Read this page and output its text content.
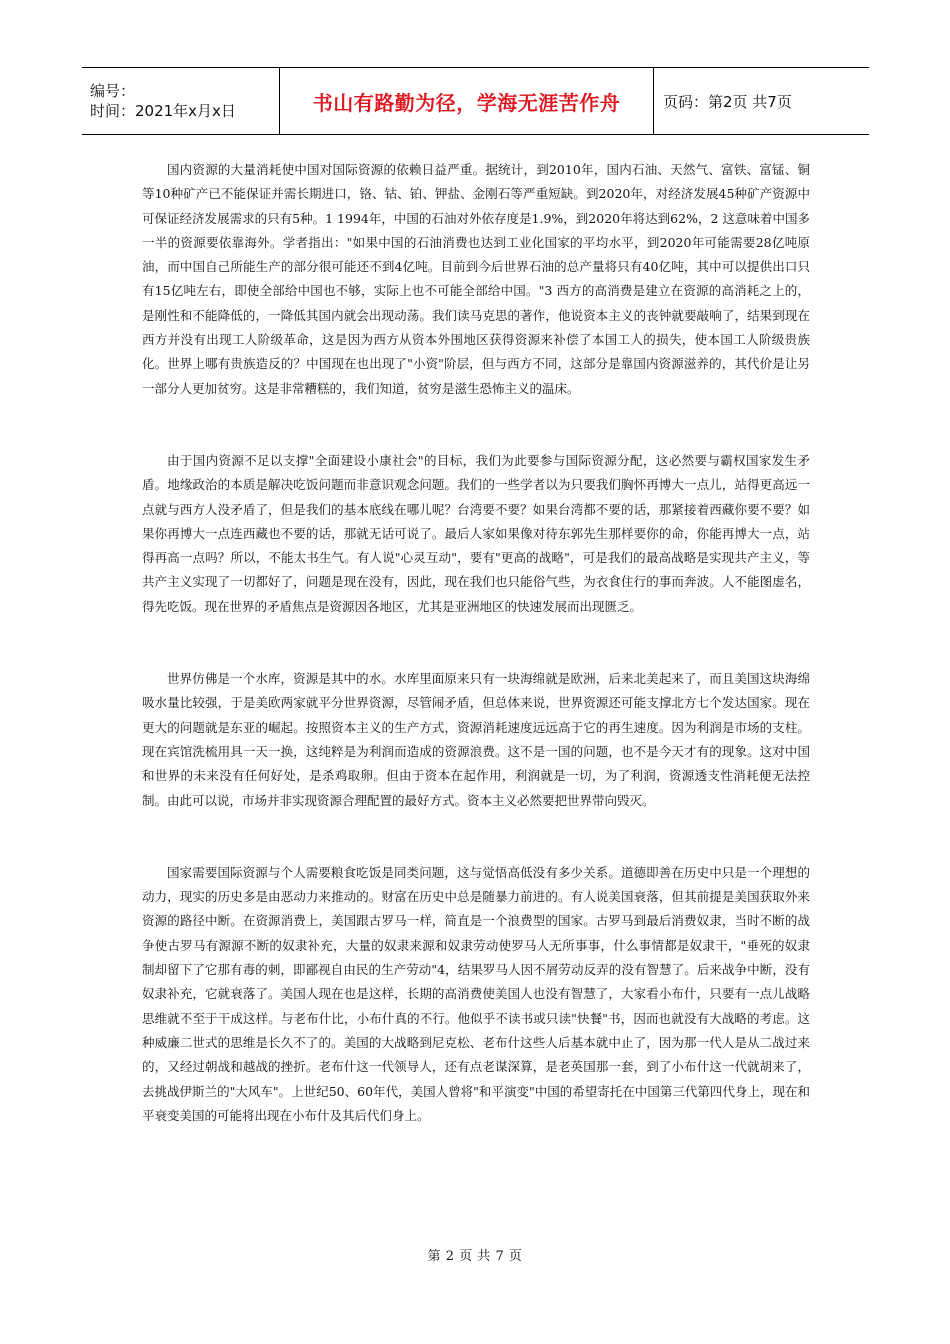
编号：
时间：2021年x月x日	书山有路勤为径，学海无涯苦作舟	页码：第2页 共7页

国内资源的大量消耗使中国对国际资源的依赖日益严重。据统计，到2010年，国内石油、天然气、富铁、富锰、铜等10种矿产已不能保证并需长期进口，铬、钴、铂、钾盐、金刚石等严重短缺。到2020年，对经济发展45种矿产资源中可保证经济发展需求的只有5种。1 1994年，中国的石油对外依存度是1.9%，到2020年将达到62%，2 这意味着中国多一半的资源要依靠海外。学者指出："如果中国的石油消费也达到工业化国家的平均水平，到2020年可能需要28亿吨原油，而中国自己所能生产的部分很可能还不到4亿吨。目前到今后世界石油的总产量将只有40亿吨，其中可以提供出口只有15亿吨左右，即使全部给中国也不够，实际上也不可能全部给中国。"3 西方的高消费是建立在资源的高消耗之上的，是刚性和不能降低的，一降低其国内就会出现动荡。我们读马克思的著作，他说资本主义的丧钟就要敲响了，结果到现在西方并没有出现工人阶级革命，这是因为西方从资本外围地区获得资源来补偿了本国工人的损失，使本国工人阶级贵族化。世界上哪有贵族造反的？中国现在也出现了"小资"阶层，但与西方不同，这部分是靠国内资源滋养的，其代价是让另一部分人更加贫穷。这是非常糟糕的，我们知道，贫穷是滋生恐怖主义的温床。

由于国内资源不足以支撑"全面建设小康社会"的目标，我们为此要参与国际资源分配，这必然要与霸权国家发生矛盾。地缘政治的本质是解决吃饭问题而非意识观念问题。我们的一些学者以为只要我们胸怀再博大一点儿，站得更高远一点就与西方人没矛盾了，但是我们的基本底线在哪儿呢？台湾要不要？如果台湾都不要的话，那紧接着西藏你要不要？如果你再博大一点连西藏也不要的话，那就无话可说了。最后人家如果像对待东郭先生那样要你的命，你能再博大一点，站得再高一点吗？所以，不能太书生气。有人说"心灵互动"，要有"更高的战略"，可是我们的最高战略是实现共产主义，等共产主义实现了一切都好了，问题是现在没有，因此，现在我们也只能俗气些，为衣食住行的事而奔波。人不能图虚名，得先吃饭。现在世界的矛盾焦点是资源因各地区，尤其是亚洲地区的快速发展而出现匮乏。

世界仿佛是一个水库，资源是其中的水。水库里面原来只有一块海绵就是欧洲，后来北美起来了，而且美国这块海绵吸水量比较强，于是美欧两家就平分世界资源，尽管闹矛盾，但总体来说，世界资源还可能支撑北方七个发达国家。现在更大的问题就是东亚的崛起。按照资本主义的生产方式，资源消耗速度远远高于它的再生速度。因为利润是市场的支柱。现在宾馆洗梳用具一天一换，这纯粹是为利润而造成的资源浪费。这不是一国的问题，也不是今天才有的现象。这对中国和世界的未来没有任何好处，是杀鸡取卵。但由于资本在起作用，利润就是一切，为了利润，资源透支性消耗便无法控制。由此可以说，市场并非实现资源合理配置的最好方式。资本主义必然要把世界带向毁灭。

国家需要国际资源与个人需要粮食吃饭是同类问题，这与觉悟高低没有多少关系。道德即善在历史中只是一个理想的动力，现实的历史多是由恶动力来推动的。财富在历史中总是随暴力前进的。有人说美国衰落，但其前提是美国获取外来资源的路径中断。在资源消费上，美国跟古罗马一样，简直是一个浪费型的国家。古罗马到最后消费奴隶，当时不断的战争使古罗马有源源不断的奴隶补充，大量的奴隶来源和奴隶劳动使罗马人无所事事，什么事情都是奴隶干，"垂死的奴隶制却留下了它那有毒的刺，即鄙视自由民的生产劳动"4，结果罗马人因不屑劳动反弄的没有智慧了。后来战争中断，没有奴隶补充，它就衰落了。美国人现在也是这样，长期的高消费使美国人也没有智慧了，大家看小布什，只要有一点儿战略思维就不至于干成这样。与老布什比，小布什真的不行。他似乎不读书或只读"快餐"书，因而也就没有大战略的考虑。这种威廉二世式的思维是长久不了的。美国的大战略到尼克松、老布什这些人后基本就中止了，因为那一代人是从二战过来的，又经过朝战和越战的挫折。老布什这一代领导人，还有点老谋深算，是老英国那一套，到了小布什这一代就胡来了，去挑战伊斯兰的"大风车"。上世纪50、60年代，美国人曾将"和平演变"中国的希望寄托在中国第三代第四代身上，现在和平衰变美国的可能将出现在小布什及其后代们身上。

第 2 页 共 7 页
